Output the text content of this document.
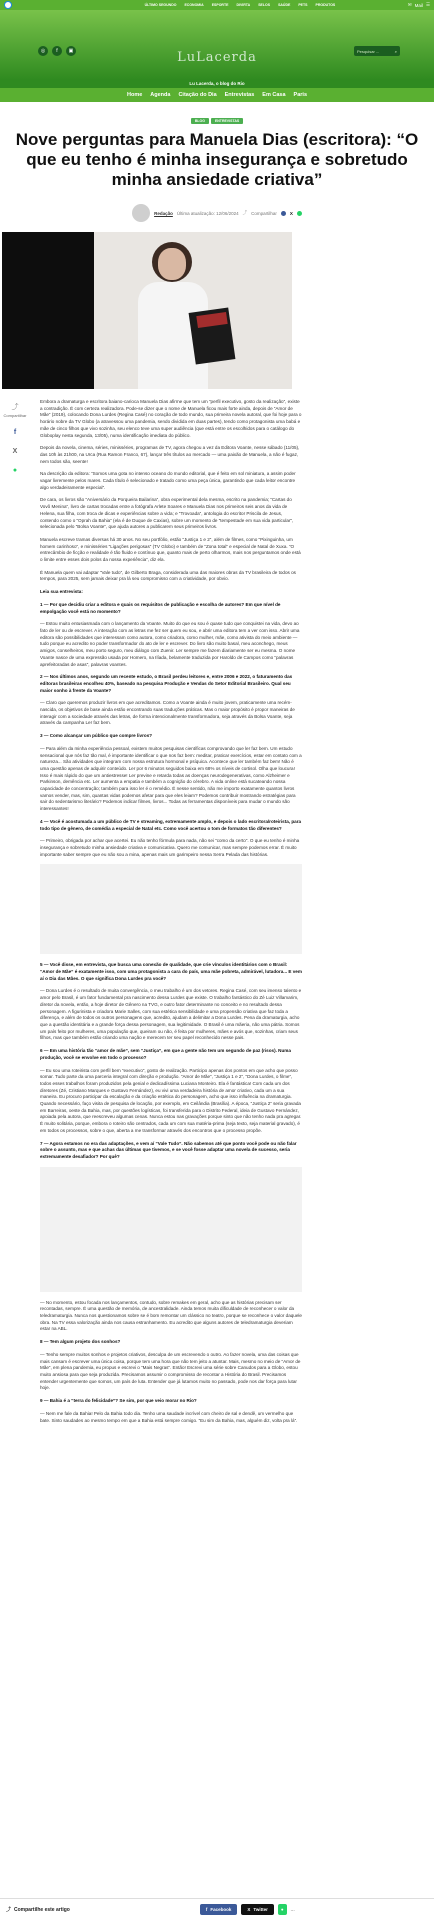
ÚLTIMO SEGUNDO ECONOMIA ESPORTE DIVIRTA SELOS SAÚDE PETS PRODUTOS	✉ Mail ☰
◎	f	▣	LuLacerda	Pesquisar ...	⌕
Lu Lacerda, o blog do Rio
Home Agenda Citação do Dia Entrevistas Em Casa Paris
BLOG	ENTREVISTAS
Nove perguntas para Manuela Dias (escritora): “O que eu tenho é minha insegurança e sobretudo minha ansiedade criativa”
Redação Última atualização: 12/06/2024 ⤴ Compartilhar	X
⤴
Compartilhar
f
X
●

Embora a dramaturga e escritora baiano-carioca Manuela Dias afirme que tem um “perfil executivo, gosto da realização”, existe a contradição. É com certeza realizadora. Pode-se dizer que o nome de Manuela ficou mais forte ainda, depois de “Amor de Mãe” (2019), colocando Dona Lurdes (Regina Casé) no coração de todo mundo, sua primeira novela autoral, que foi hoje para o horário nobre da TV Globo (a atravessou uma pandemia, sendo dividida em duas partes), tendo como protagonista uma babá e mãe de cinco filhos que vivo sozinha, seu elenco teve uma super audiência (que está entre os escolhidos para o catálogo do Globoplay nesta segunda, 13/05), numa identificação imediata do público.

Depois da novela, cinema, séries, minisséries, programas de TV, agora chegou a vez da Editora Voante, nesse sábado (11/05), das 10h às 21h00, na Urca (Rua Ramon Franco, 67), lançar três títulos ao mercado — uma paixão de Manuela, a não é fugaz, nem todos são, seente!

Na descrição da editora: “Somos uma gota no intenso oceano do mundo editorial, que é feito em sol miniatura, a assim poder vagar livremente pelos mares. Cada título é selecionado e tratado como uma peça única, garantindo que cada leitor encontre algo verdadeiramente especial”.

De cara, os livros são “Aniversário da Porqueira Bailarina”, obra experimental dela mesma, escrito na pandemia; “Cartas do Vovô Menina”, livro de cartas trocadas entre a fotógrafa Arlete Soares e Manuela Dias nos primeiros seis anos da vida de Helena, sua filha, com troca de dicas e experiências sobre a vida; e “Trovoada”, antologia do escritor Priscila de Jesus, contendo como o “Oprah da Bahia” (ela é de Duque de Caxias), sobre um momento de “tempestade em sua vida particular”, selecionada pelo “Bolsa Voante”, que ajuda autores a publicarem seus primeiros livros.

Manuela escreve tramas diversas há 30 anos. No seu portfólio, estão “Justiça 1 e 2”, além de filmes, como “Pixinguinha, um homem carinhoso”, e minisséries “Ligações perigosas” (TV Globo) e também de “Zona total” e especial de Natal de Xuxa. “O entrecâmbio de ficção e realidade é tão fluido e contínuo que, quanto mais de perto olharmos, mais nos perguntamos onde está o limite entre esses dois polos da nossa experiência”, diz ela.

É Manuela quem vai adaptar “Vale tudo”, de Gilberto Braga, considerada uma das maiores obras da TV brasileira de todos os tempos, para 2025, sem jamais deixar pra lá seu compromisso com a criatividade, por obvio.

Leia sua entrevista:

1 — Por que decidiu criar a editora e quais os requisitos de publicação e escolha de autores? Em que nível de empolgação você está no momento?

— Estou muito entusiasmada com o lançamento da Voante. Muito do que eu sou é quase tudo que conquistei na vida, devo ao fato de ler ou de escrever. A interação com as letras me fez ser quem eu sou, e abrir uma editora tem a ver com isso. Abrir uma editora são possibilidades que interessam como autora, como criadora, como mulher, mãe, como ativista do meio ambiente — tudo porque eu acredito no poder transformador do ato de ler e escrever. Do livro são muito basal, meu aconchego, meus amigos, conselheiros, meu porto seguro, meu diálogo com Zuenir. Ler sempre me fazem diariamente ser eu mesma. O nome Voante nasce de uma expressão usada por Homero, na Ilíada, belamente traduzida por Haroldo de Campos como “palavras aprefeitoradas de asas”, palavras voantes.

2 — Nos últimos anos, segundo um recente estudo, o Brasil perdeu leitores e, entre 2006 e 2022, o faturamento das editoras brasileiras encolheu 40%, baseado na pesquisa Produção e Vendas do Setor Editorial Brasileiro. Qual seu maior sonho à frente da Voante?

— Claro que queremos produzir livros em que acreditamos. Como a Voante ainda é muito jovem, praticamente uma recém-nascida, os objetivos de base ainda estão encontrando suas traduções práticas. Mas o maior propósito é propor maneiras de interagir com a sociedade através das letras, de forma intencionalmente transformadora, seja através da Bolsa Voante, seja através da campanha Ler faz bem.

3 — Como alcançar um público que compre livros?

— Para além da minha experiência pessoal, existem muitos pesquisas científicas comprovando que ler faz bem. Um estudo sensacional que nós faz tão mal, é importante identificar o que nos faz bem: meditar, praticar exercícios, estar em contato com a natureza... São atividades que integram com nossa estrutura hormonal e psíquica. Acontece que ler também faz bem! Não é uma questão apenas de adquirir conteúdo. Ler por 6 minutos seguidos baixa em 68% os níveis de cortisol. Olha que loucura! Isso é mais rápido do que um antiestresse! Ler previne e retarda todas as doenças neurodegenerativas, como Alzheimer e Parkinson, demência etc. Ler aumenta a empatia e também a cognição do cérebro. A vida online está sucateando nossa capacidade de concentração; também para isso ler é o remédio. É nesse sentido, não me importo exatamente quantos livros vamos vender, mas, sim, quantas vidas podemos afetar para que eles leiam? Podemos contribuir mostrando estratégias para sair do sedentarismo literário? Podemos indicar filmes, livros... Todas as ferramentas disponíveis para mudar o mundo são interessantes!

4 — Você é acostumada a um público de TV e streaming, extremamente amplo, e depois o lado escritora/roteirista, para todo tipo de gênero, de comédia a especial de Natal etc. Como você acertou o tom de formatos tão diferentes?

— Primeiro, obrigada por achar que acertei. Eu não tenho fórmula para nada, não sei “como da certo”. O que eu tenho é minha insegurança e sobretudo minha ansiedade criativa e comunicativa. Quero me comunicar, mas sempre podemos errar. É muito importante saber sempre que eu não sou a mina, apenas mais um garimpeiro nessa Serra Pelada das histórias.

5 — Você disse, em entrevista, que busca uma conexão de qualidade, que crie vínculos identitários com o Brasil: “Amor de Mãe” é exatamente isso, com uma protagonista a cara do país, uma mãe pobreta, admirável, lutadora... E vem aí o Dia das Mães. O que significa Dona Lurdes pra você?

— Dona Lurdes é o resultado de muita convergência, o meu trabalho é um dos vetores. Regina Casé, com seu imenso talento e amor pelo Brasil, é um fator fundamental pra nascimento dessa Lurdes que existe. O trabalho fantástico do Zé Luiz Villamarim, diretor da novela, então, a hoje diretor de Gênero na TVG, e outro fator determinante no conceito e no resultado dessa personagem. A figurinista e criadora Marie Salles, com sua estética sensibilidade e uma propensão criativa que faz toda a diferença, e além de todos os outros personagens que, acredito, ajudam a delimitar a Dona Lurdes. Pena da dramaturgia, acho que a questão identitária e a grande força dessa personagem, sua legitimidade. O Brasil é uma mãeria, não uma pátria. Somos um país feito por mulheres, uma população que, queiram ou não, é feita por mulheres, mães e avós que, sozinhas, criam seus filhos, mas que também estão criando uma nação e merecem ter seu papel reconhecido nesse pais.

6 — Em uma história tão “amor de mãe”, sem “Justiça”, em que a gente não tem um segundo de paz (risos). Numa produção, você se envolve em todo o processo?

— Eu sou uma roteirista com perfil bem “executivo”, gosto de realização. Participo apenas dos pontos em que acho que posso somar. Tudo parte da uma parceria integral com direção e produção. “Amor de Mãe”, “Justiça 1 e 2”, “Dona Lurdes, o filme”, todos esses trabalhos foram produzidos pela genial e dedicadíssima Luciana Monteiro. Ela é fantástica! Com cada um dos diretores (Zé, Cristiano Marques e Gustavo Fernández), eu vivi uma verdadeira história de amor criativo, cada um a sua maneira. Eu procuro participar da escalação e da criação estética do personagem, acho que isso influência na dramaturgia. Quando necessário, faço visita de pesquisa de locação, por exemplo, em Ceilândia (Brasília). A época, “Justiça 2” seria gravada em Barreiras, oeste da Bahia, mas, por questões logísticas, foi transferida para o Distrito Federal, ideia de Gustavo Fernández, apoiada pela autora, que reescreveu algumas cenas. Nunca estou nas gravações porque sinto que não tenho nada pra agregar. É muito solitária, porque, embora o roteiro são centrados, cada um com sua matéria-prima (seja texto, seja material gravado), é em todos os processos, sobre o que, aberta a me transformar através dos encontros que o processo propõe.

7 — Agora estamos no era das adaptações, e vem aí “Vale Tudo”. Não sabemos até que ponto você pode ou não falar sobre o assunto, mas e que achas das últimas que tivemos, e se você fosse adaptar uma novela de sucesso, seria extremamente desafiador? Por quê?

— No momento, estou focada nos lançamentos, contudo, sobre remakes em geral, acho que as histórias precisam ser recontadas, sempre. É uma questão de memória, de ancestralidade. Ainda temos muita dificuldade de reconhecer o valor da teledramaturgia. Nunca nos questionamos sobre se é bom remontar um clássico no teatro, porque se reconhece o valor daquele obra. Na TV essa valorização ainda nos causa estranhamento. Eu acredito que alguns autores de teledramaturgia deveriam estar na ABL.

8 — Tem algum projeto dos sonhos?

— Tenho sempre muitos sonhos e projetos criativos, desculpa de um escrevendo o outro. Ao fazer novela, uma das coisas que mais cansam é escrever uma única coisa, porque tem uma hora que não tem jeito a atuntar. Mais, mesmo no meio de “Amor de Mãe”, em plena pandemia, eu propus e escrevi o “Mais Negras”. Então! Escrevi uma série sobre Canudos para a Globo, estou muito ansiosa para que seja produzida. Precisamos assumir o compromisso de recontar a História do Brasil. Precisamos entender urgentemente que somos, um país de luta. Entender que já lutamos muito no passado, pode nos dar força para lutar hoje.

9 — Bahia é a “terra do felicidade”? Se sim, por que veio morar no Rio?

— Nem me fale da Bahia! Pelo da Bahia todo dia. Tenho uma saudade incrível com cheiro de sal e dendê, um vermelho que bate. Sinto saudades ao mesmo tempo em que a Bahia está sempre comigo. “Eu sim da Bahia, mas, alguém diz, volta pra lá”.

⤴ Compartilhe este artigo	f Facebook	X Twitter	● ...
